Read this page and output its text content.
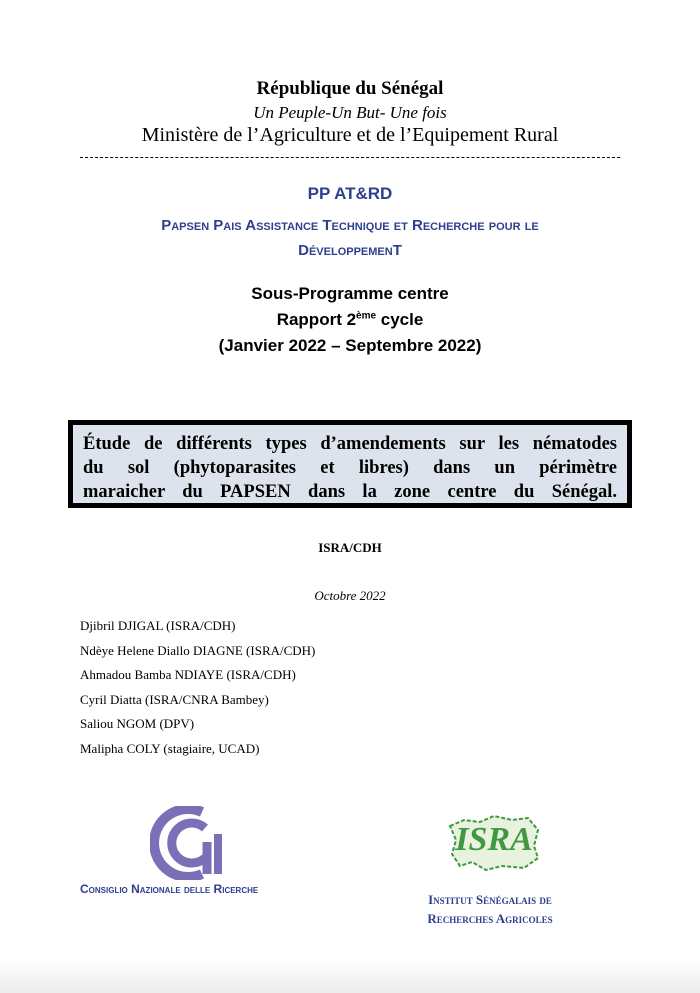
République du Sénégal
Un Peuple-Un But- Une fois
Ministère de l’Agriculture et de l’Equipement Rural
PP AT&RD
Papsen Pais Assistance Technique et Recherche pour le
DéveloppemenT
Sous-Programme centre
Rapport 2ème cycle
(Janvier 2022 – Septembre 2022)
Étude de différents types d’amendements sur les nématodes
du sol (phytoparasites et libres) dans un périmètre
maraicher du PAPSEN dans la zone centre du Sénégal.
ISRA/CDH
Octobre 2022
Djibril DJIGAL (ISRA/CDH)
Ndèye Helene Diallo DIAGNE (ISRA/CDH)
Ahmadou Bamba NDIAYE (ISRA/CDH)
Cyril Diatta (ISRA/CNRA Bambey)
Saliou NGOM (DPV)
Malipha COLY (stagiaire, UCAD)
Consiglio Nazionale delle Ricerche
ISRA
Institut Sénégalais de
Recherches Agricoles
